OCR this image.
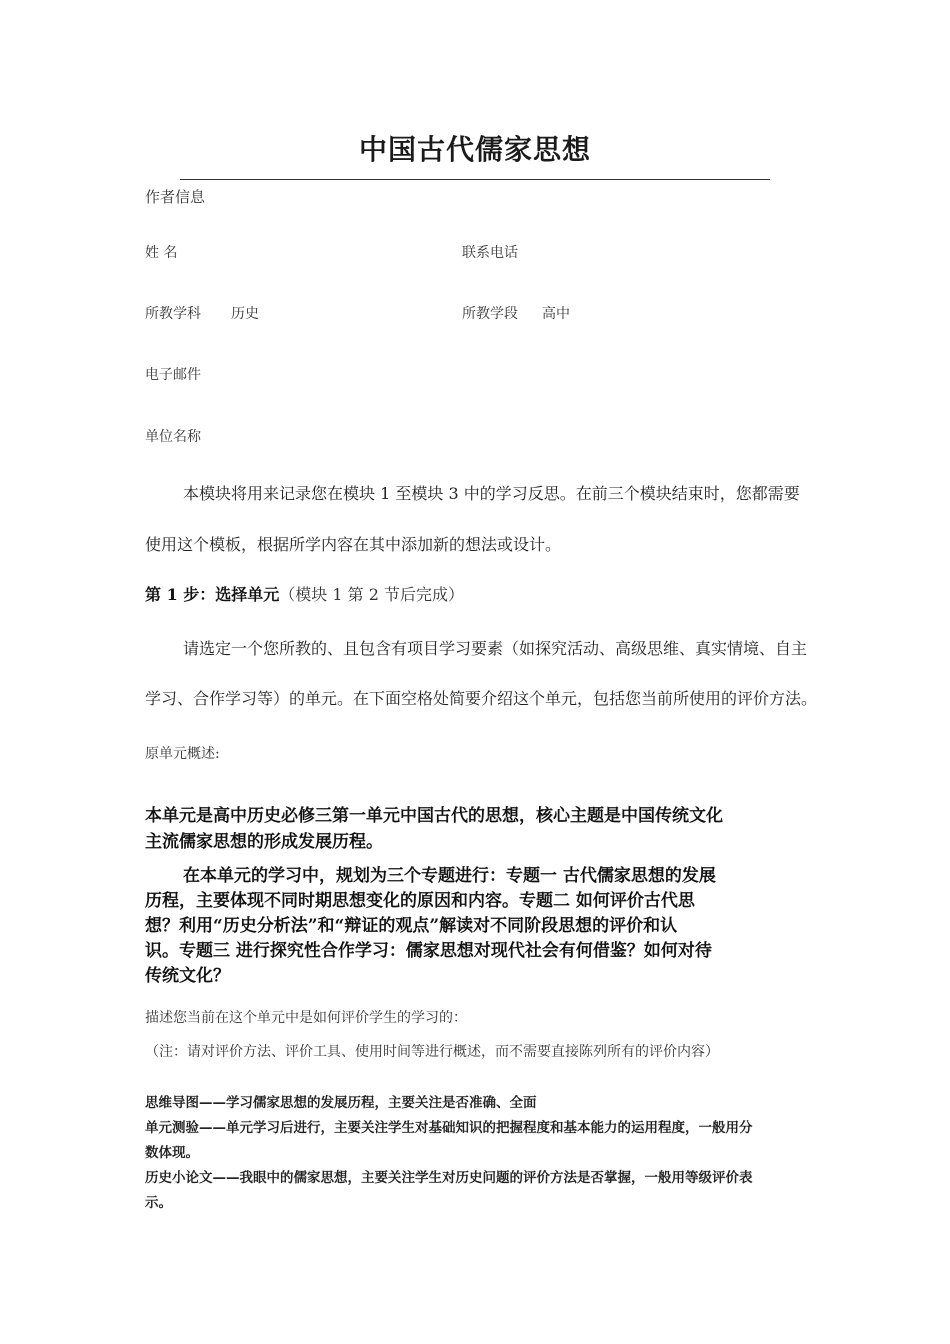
中国古代儒家思想
作者信息
姓 名	联系电话
所教学科 历史	所教学段 高中
电子邮件
单位名称
本模块将用来记录您在模块 1 至模块 3 中的学习反思。在前三个模块结束时，您都需要
使用这个模板，根据所学内容在其中添加新的想法或设计。
第 1 步：选择单元（模块 1 第 2 节后完成）
请选定一个您所教的、且包含有项目学习要素（如探究活动、高级思维、真实情境、自主
学习、合作学习等）的单元。在下面空格处简要介绍这个单元，包括您当前所使用的评价方法。
原单元概述:
本单元是高中历史必修三第一单元中国古代的思想，核心主题是中国传统文化
主流儒家思想的形成发展历程。
在本单元的学习中，规划为三个专题进行：专题一 古代儒家思想的发展
历程，主要体现不同时期思想变化的原因和内容。专题二 如何评价古代思
想？利用“历史分析法”和“辩证的观点”解读对不同阶段思想的评价和认
识。专题三 进行探究性合作学习：儒家思想对现代社会有何借鉴？如何对待
传统文化？
描述您当前在这个单元中是如何评价学生的学习的：
（注：请对评价方法、评价工具、使用时间等进行概述，而不需要直接陈列所有的评价内容）
思维导图——学习儒家思想的发展历程，主要关注是否准确、全面
单元测验——单元学习后进行，主要关注学生对基础知识的把握程度和基本能力的运用程度，一般用分
数体现。
历史小论文——我眼中的儒家思想，主要关注学生对历史问题的评价方法是否掌握，一般用等级评价表
示。
